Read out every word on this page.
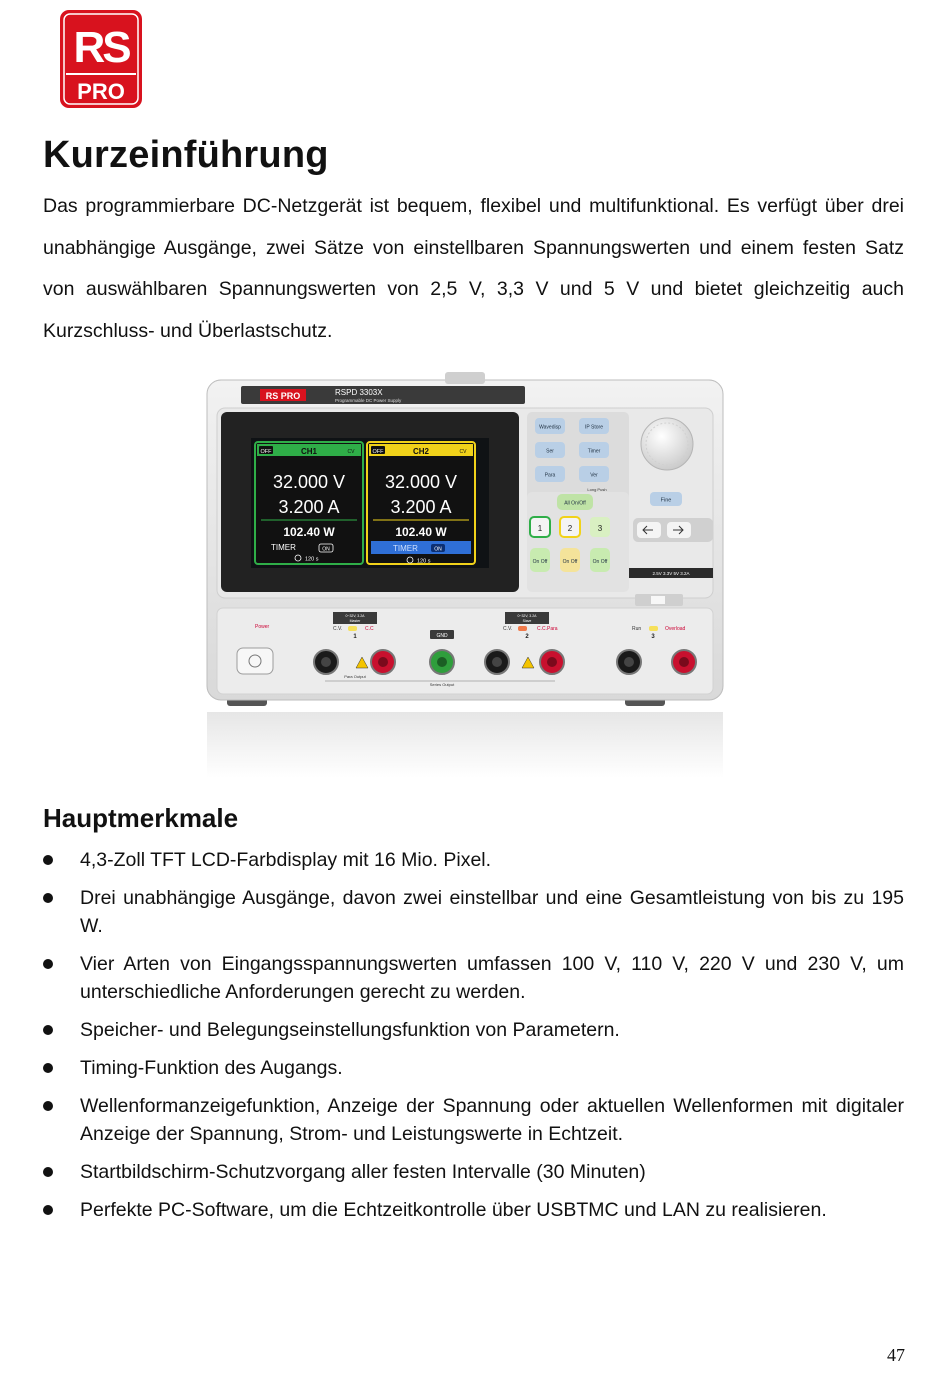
RS
PRO
Kurzeinführung

Das programmierbare DC-Netzgerät ist bequem, flexibel und multifunktional. Es verfügt über drei unabhängige Ausgänge, zwei Sätze von einstellbaren Spannungswerten und einem festen Satz von auswählbaren Spannungswerten von 2,5 V, 3,3 V und 5 V und bietet gleichzeitig auch Kurzschluss- und Überlastschutz.

RS PRO	RSPD 3303X
Programmable DC Power Supply
OFF	CH1	CV
32.000 V
3.200 A
102.40 W
TIMER	ON
120 s
OFF	CH2	CV
32.000 V
3.200 A
102.40 W
TIMER	ON
120 s
Wavedisp	IP Store
Ser	Timer
Para	Ver
Long Push
All On/Off
1	2	3
On Off	On Off	On Off
Fine
2.5V 3.3V 5V 3.2A
Power
0~32V, 3.2A
Master
C.V.	C.C
1
0~32V, 3.2A
Slave
C.V.	C.C.Para
2
Run	Overload
3
GND
Para Output
Series Output
Hauptmerkmale
4,3-Zoll TFT LCD-Farbdisplay mit 16 Mio. Pixel.
Drei unabhängige Ausgänge, davon zwei einstellbar und eine Gesamtleistung von bis zu 195 W.
Vier Arten von Eingangsspannungswerten umfassen 100 V, 110 V, 220 V und 230 V, um unterschiedliche Anforderungen gerecht zu werden.
Speicher- und Belegungseinstellungsfunktion von Parametern.
Timing-Funktion des Augangs.
Wellenformanzeigefunktion, Anzeige der Spannung oder aktuellen Wellenformen mit digitaler Anzeige der Spannung, Strom- und Leistungswerte in Echtzeit.
Startbildschirm-Schutzvorgang aller festen Intervalle (30 Minuten)
Perfekte PC-Software, um die Echtzeitkontrolle über USBTMC und LAN zu realisieren.
47
